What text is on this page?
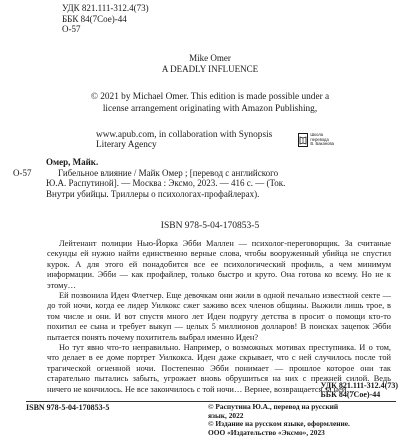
УДК 821.111-312.4(73)
ББК 84(7Сое)-44
О-57
Mike Omer
A DEADLY INFLUENCE
© 2021 by Michael Omer. This edition is made possible under a
license arrangement originating with Amazon Publishing,
www.apub.com, in collaboration with Synopsis Literary Agency
Школа перевода
В. Баканова
О-57

Омер, Майк.

Гибельное влияние / Майк Омер ; [перевод с английского

Ю.А. Распутиной]. — Москва : Эксмо, 2023. — 416 с. — (Ток.

Внутри убийцы. Триллеры о психологах-профайлерах).

ISBN 978-5-04-170853-5

Лейтенант полиции Нью-Йорка Эбби Маллен — психолог-переговорщик. За считаные секунды ей нужно найти единственно верные слова, чтобы вооруженный убийца не спустил курок. А для этого ей понадобится все ее психологический профиль, а чем минимум информации. Эбби — как профайлер, только быстро и круто. Она готова ко всему. Но не к этому…

Ей позвонила Иден Флетчер. Еще девочкам они жили в одной печально известной секте — до той ночи, когда ее лидер Уилкокс сжег заживо всех членов общины. Выжили лишь трое, в том числе и они. И вот спустя много лет Иден подругу детства в просит о помощи кто-то похитил ее сына и требует выкуп — целых 5 миллионов долларов! В поисках зацепок Эбби пытается понять почему похититель выбрал именно Иден?

Но тут явно что-то неправильно. Например, о возможных мотивах преступника. И о том, что делает в ее доме портрет Уилкокса. Иден даже скрывает, что с ней случилось после той трагической огненной ночи. Постепенно Эбби понимает — прошлое которое они так старательно пытались забыть, угрожает вновь обрушиться на них с прежней силой. Ведь ничего не кончилось. Не все закончилось с той ночи… Вернее, возвращается за ней…

УДК 821.111-312.4(73)
ББК 84(7Сое)-44
ISBN 978-5-04-170853-5	© Распутина Ю.А., перевод на русский
язык, 2022
© Издание на русском языке, оформление.
ООО «Издательство «Эксмо», 2023
